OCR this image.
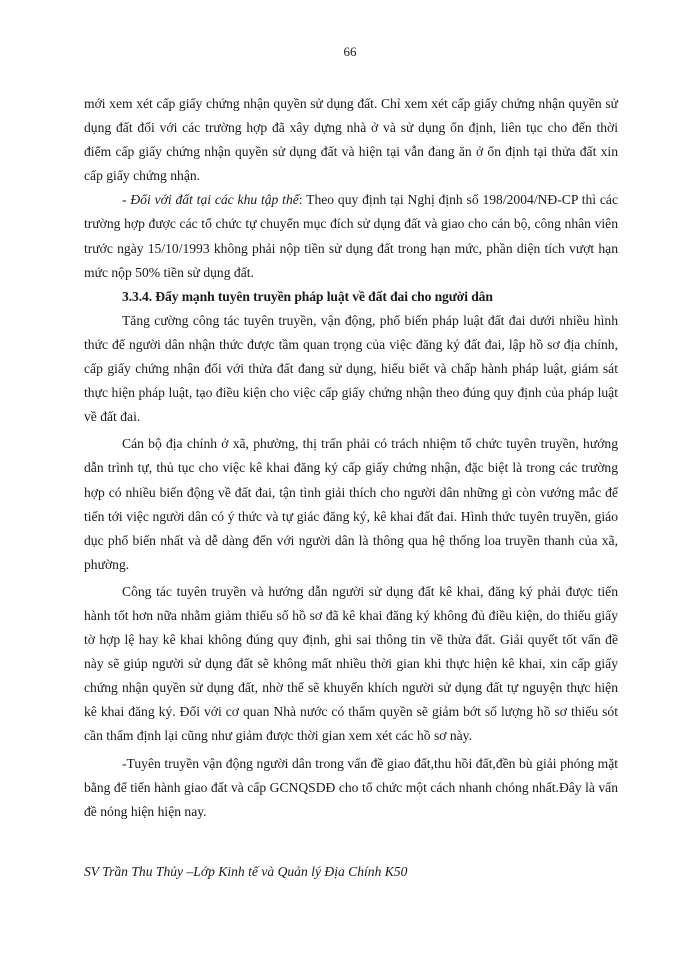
66

mới xem xét cấp giấy chứng nhận quyền sử dụng đất. Chỉ xem xét cấp giấy chứng nhận quyền sử dụng đất đối với các trường hợp đã xây dựng nhà ở và sử dụng ổn định, liên tục cho đến thời điểm cấp giấy chứng nhận quyền sử dụng đất và hiện tại vẫn đang ăn ở ổn định tại thửa đất xin cấp giấy chứng nhận.

- Đối với đất tại các khu tập thể: Theo quy định tại Nghị định số 198/2004/NĐ-CP thì các trường hợp được các tổ chức tự chuyển mục đích sử dụng đất và giao cho cán bộ, công nhân viên trước ngày 15/10/1993 không phải nộp tiền sử dụng đất trong hạn mức, phần diện tích vượt hạn mức nộp 50% tiền sử dụng đất.

3.3.4. Đẩy mạnh tuyên truyền pháp luật về đất đai cho người dân

Tăng cường công tác tuyên truyền, vận động, phổ biến pháp luật đất đai dưới nhiều hình thức để người dân nhận thức được tầm quan trọng của việc đăng ký đất đai, lập hồ sơ địa chính, cấp giấy chứng nhận đối với thửa đất đang sử dụng, hiểu biết và chấp hành pháp luật, giám sát thực hiện pháp luật, tạo điều kiện cho việc cấp giấy chứng nhận theo đúng quy định của pháp luật về đất đai.

Cán bộ địa chính ở xã, phường, thị trấn phải có trách nhiệm tổ chức tuyên truyền, hướng dẫn trình tự, thủ tục cho việc kê khai đăng ký cấp giấy chứng nhận, đặc biệt là trong các trường hợp có nhiều biến động về đất đai, tận tình giải thích cho người dân những gì còn vướng mắc để tiến tới việc người dân có ý thức và tự giác đăng ký, kê khai đất đai. Hình thức tuyên truyền, giáo dục phổ biến nhất và dễ dàng đến với người dân là thông qua hệ thống loa truyền thanh của xã, phường.

Công tác tuyên truyền và hướng dẫn người sử dụng đất kê khai, đăng ký phải được tiến hành tốt hơn nữa nhằm giảm thiểu số hồ sơ đã kê khai đăng ký không đủ điều kiện, do thiếu giấy tờ hợp lệ hay kê khai không đúng quy định, ghi sai thông tin về thửa đất. Giải quyết tốt vấn đề này sẽ giúp người sử dụng đất sẽ không mất nhiều thời gian khi thực hiện kê khai, xin cấp giấy chứng nhận quyền sử dụng đất, nhờ thế sẽ khuyến khích người sử dụng đất tự nguyện thực hiện kê khai đăng ký. Đối với cơ quan Nhà nước có thẩm quyền sẽ giảm bớt số lượng hồ sơ thiếu sót cần thẩm định lại cũng như giảm được thời gian xem xét các hồ sơ này.

-Tuyên truyền vận động người dân trong vấn đề giao đất,thu hồi đất,đền bù giải phóng mặt bằng để tiến hành giao đất và cấp GCNQSDĐ cho tổ chức một cách nhanh chóng nhất.Đây là vấn đề nóng hiện hiện nay.

SV Trần Thu Thủy –Lớp Kinh tế và Quản lý Địa Chính K50
